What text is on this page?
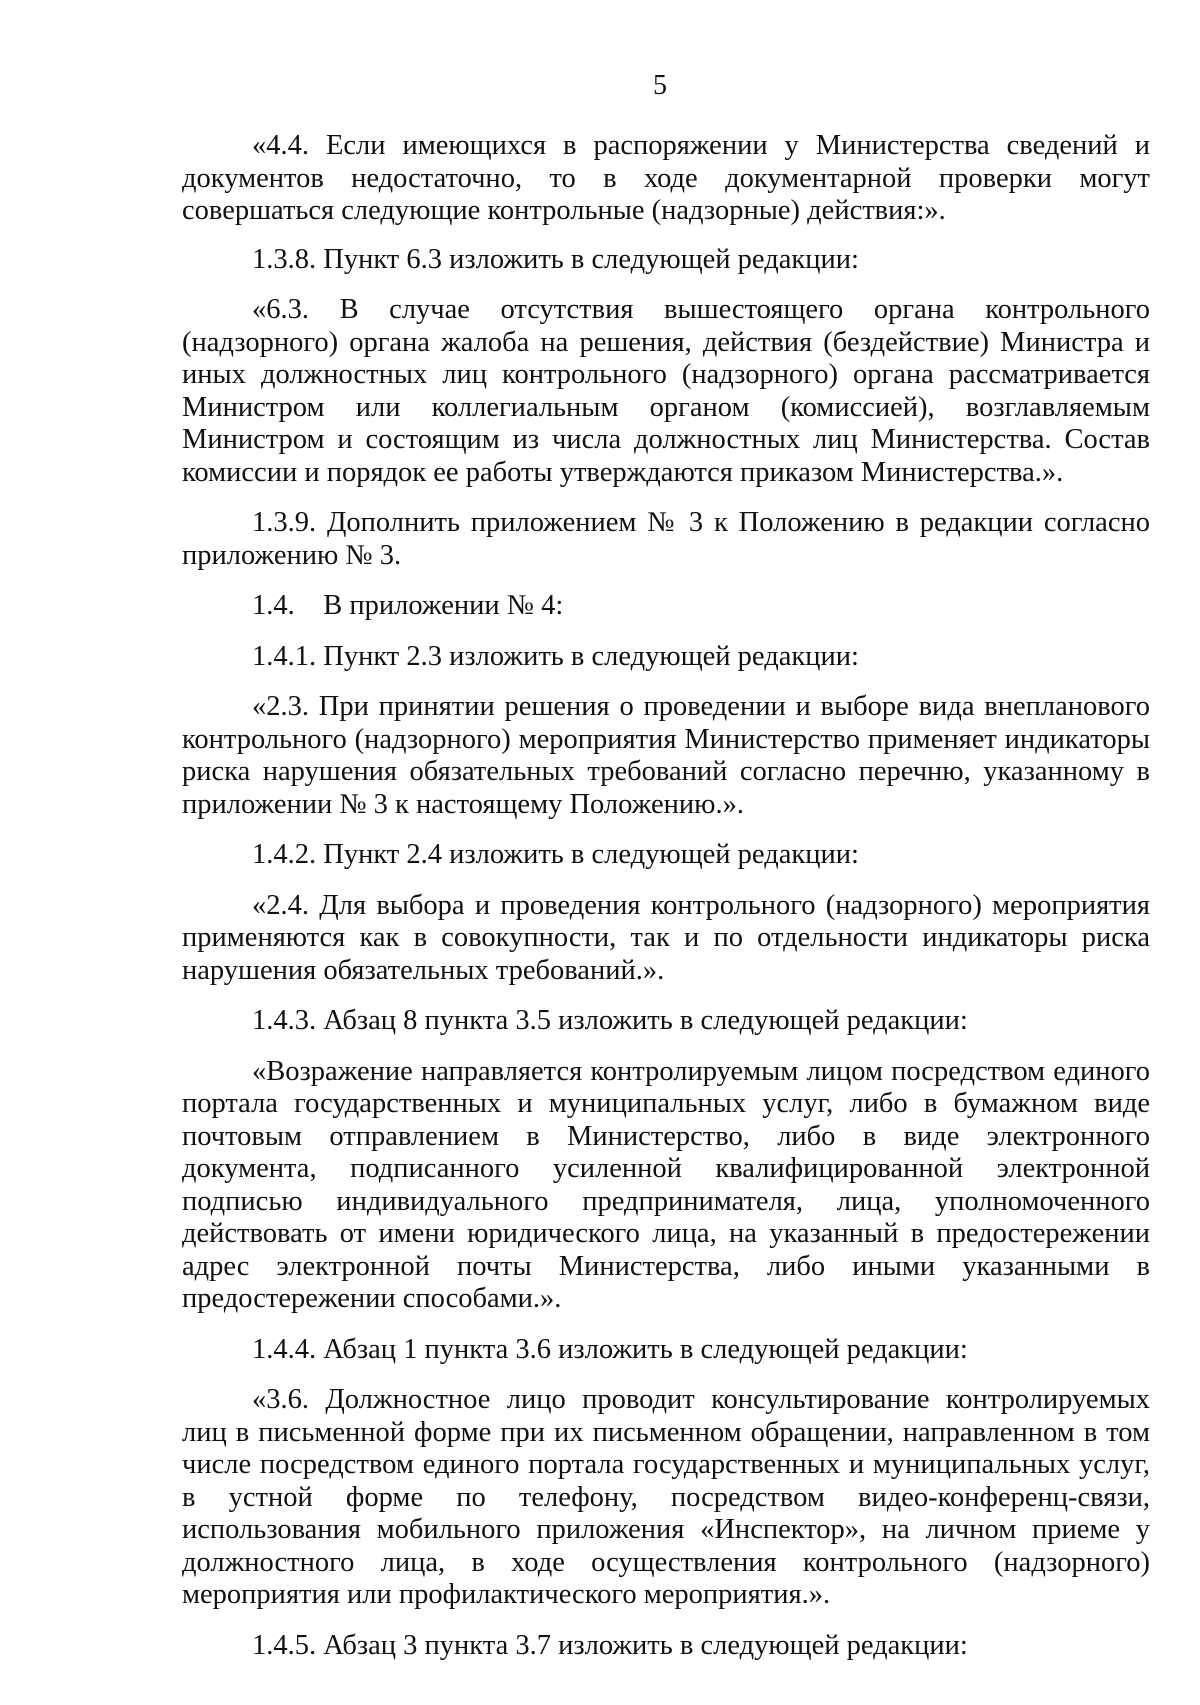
5

«4.4. Если имеющихся в распоряжении у Министерства сведений и документов недостаточно, то в ходе документарной проверки могут совершаться следующие контрольные (надзорные) действия:».

1.3.8. Пункт 6.3 изложить в следующей редакции:

«6.3. В случае отсутствия вышестоящего органа контрольного (надзорного) органа жалоба на решения, действия (бездействие) Министра и иных должностных лиц контрольного (надзорного) органа рассматривается Министром или коллегиальным органом (комиссией), возглавляемым Министром и состоящим из числа должностных лиц Министерства. Состав комиссии и порядок ее работы утверждаются приказом Министерства.».

1.3.9. Дополнить приложением № 3 к Положению в редакции согласно приложению № 3.

1.4.    В приложении № 4:

1.4.1. Пункт 2.3 изложить в следующей редакции:

«2.3. При принятии решения о проведении и выборе вида внепланового контрольного (надзорного) мероприятия Министерство применяет индикаторы риска нарушения обязательных требований согласно перечню, указанному в приложении № 3 к настоящему Положению.».

1.4.2. Пункт 2.4 изложить в следующей редакции:

«2.4. Для выбора и проведения контрольного (надзорного) мероприятия применяются как в совокупности, так и по отдельности индикаторы риска нарушения обязательных требований.».

1.4.3. Абзац 8 пункта 3.5 изложить в следующей редакции:

«Возражение направляется контролируемым лицом посредством единого портала государственных и муниципальных услуг, либо в бумажном виде почтовым отправлением в Министерство, либо в виде электронного документа, подписанного усиленной квалифицированной электронной подписью индивидуального предпринимателя, лица, уполномоченного действовать от имени юридического лица, на указанный в предостережении адрес электронной почты Министерства, либо иными указанными в предостережении способами.».

1.4.4. Абзац 1 пункта 3.6 изложить в следующей редакции:

«3.6. Должностное лицо проводит консультирование контролируемых лиц в письменной форме при их письменном обращении, направленном в том числе посредством единого портала государственных и муниципальных услуг, в устной форме по телефону, посредством видео-конференц-связи, использования мобильного приложения «Инспектор», на личном приеме у должностного лица, в ходе осуществления контрольного (надзорного) мероприятия или профилактического мероприятия.».

1.4.5. Абзац 3 пункта 3.7 изложить в следующей редакции:
